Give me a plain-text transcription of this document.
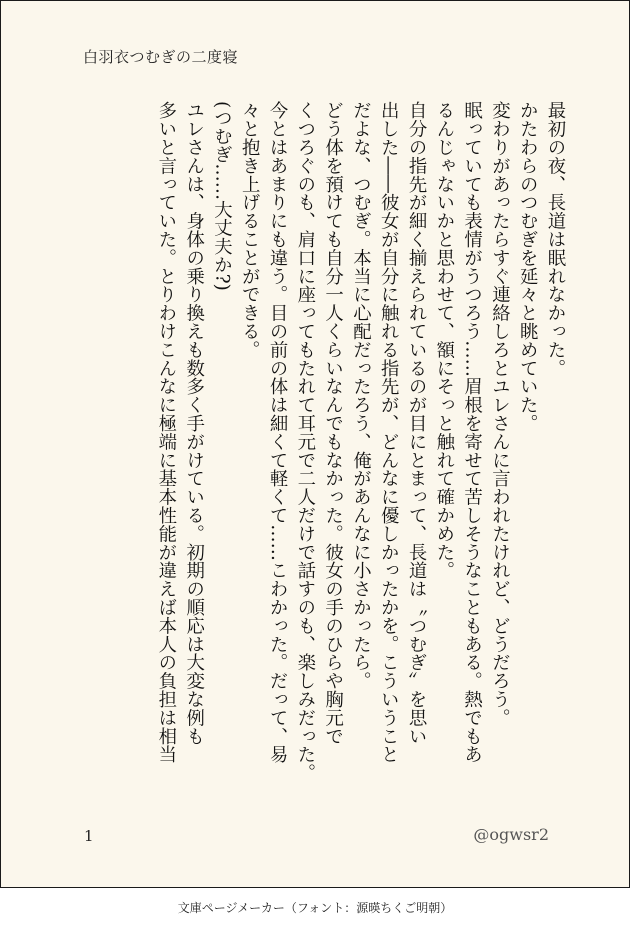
白羽衣つむぎの二度寝
最初の夜、長道は眠れなかった。
かたわらのつむぎを延々と眺めていた。
変わりがあったらすぐ連絡しろとユレさんに言われたけれど、どうだろう。
眠っていても表情がうつろう……眉根を寄せて苦しそうなこともある。熱でもあ
るんじゃないかと思わせて、額にそっと触れて確かめた。
自分の指先が細く揃えられているのが目にとまって、長道は〝つむぎ〟を思い
出した――彼女が自分に触れる指先が、どんなに優しかったかを。こういうこと
だよな、つむぎ。本当に心配だったろう、俺があんなに小さかったら。
どう体を預けても自分一人くらいなんでもなかった。彼女の手のひらや胸元で
くつろぐのも、肩口に座ってもたれて耳元で二人だけで話すのも、楽しみだった。
今とはあまりにも違う。目の前の体は細くて軽くて……こわかった。だって、易
々と抱き上げることができる。
(つむぎ……大丈夫か?)
ユレさんは、身体の乗り換えも数多く手がけている。初期の順応は大変な例も
多いと言っていた。とりわけこんなに極端に基本性能が違えば本人の負担は相当
1	@ogwsr2
文庫ページメーカー（フォント：源暎ちくご明朝）
